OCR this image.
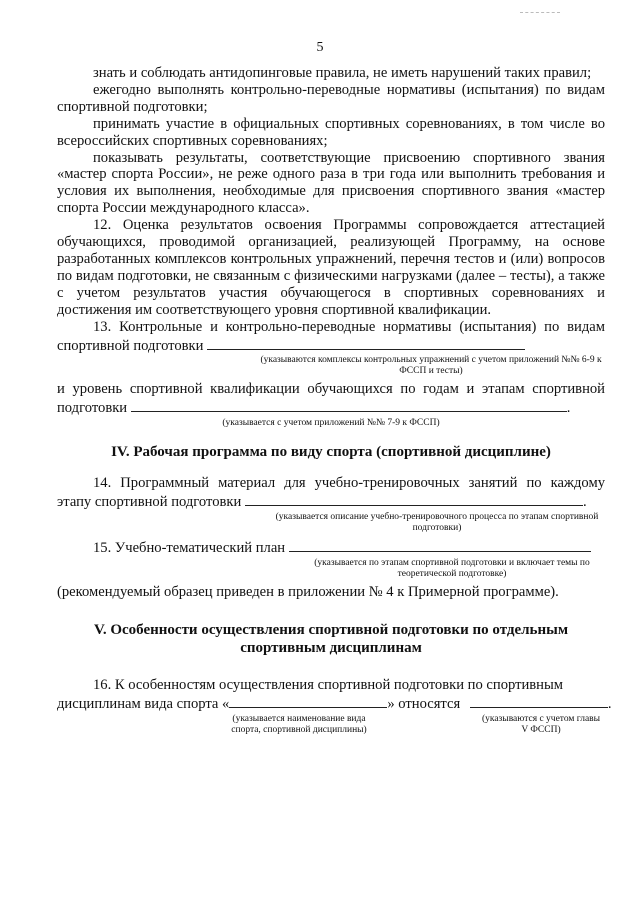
5

знать и соблюдать антидопинговые правила, не иметь нарушений таких правил;

ежегодно выполнять контрольно-переводные нормативы (испытания) по видам спортивной подготовки;

принимать участие в официальных спортивных соревнованиях, в том числе во всероссийских спортивных соревнованиях;

показывать результаты, соответствующие присвоению спортивного звания «мастер спорта России», не реже одного раза в три года или выполнить требования и условия их выполнения, необходимые для присвоения спортивного звания «мастер спорта России международного класса».

12. Оценка результатов освоения Программы сопровождается аттестацией обучающихся, проводимой организацией, реализующей Программу, на основе разработанных комплексов контрольных упражнений, перечня тестов и (или) вопросов по видам подготовки, не связанным с физическими нагрузками (далее – тесты), а также с учетом результатов участия обучающегося в спортивных соревнованиях и достижения им соответствующего уровня спортивной квалификации.

13. Контрольные и контрольно-переводные нормативы (испытания) по видам спортивной подготовки

(указываются комплексы контрольных упражнений с учетом приложений №№ 6-9 к ФССП и тесты)

и уровень спортивной квалификации обучающихся по годам и этапам спортивной подготовки	.

(указывается с учетом приложений №№ 7-9 к ФССП)
IV. Рабочая программа по виду спорта (спортивной дисциплине)

14. Программный материал для учебно-тренировочных занятий по каждому этапу спортивной подготовки	.

(указывается описание учебно-тренировочного процесса по этапам спортивной подготовки)

15. Учебно-тематический план

(указывается по этапам спортивной подготовки и включает темы по теоретической подготовке)

(рекомендуемый образец приведен в приложении № 4 к Примерной программе).

V. Особенности осуществления спортивной подготовки по отдельным
спортивным дисциплинам

16. К особенностям осуществления спортивной подготовки по спортивным

дисциплинам вида спорта «	» относятся	.
(указывается наименование вида спорта, спортивной дисциплины)
(указываются с учетом главы V ФССП)
